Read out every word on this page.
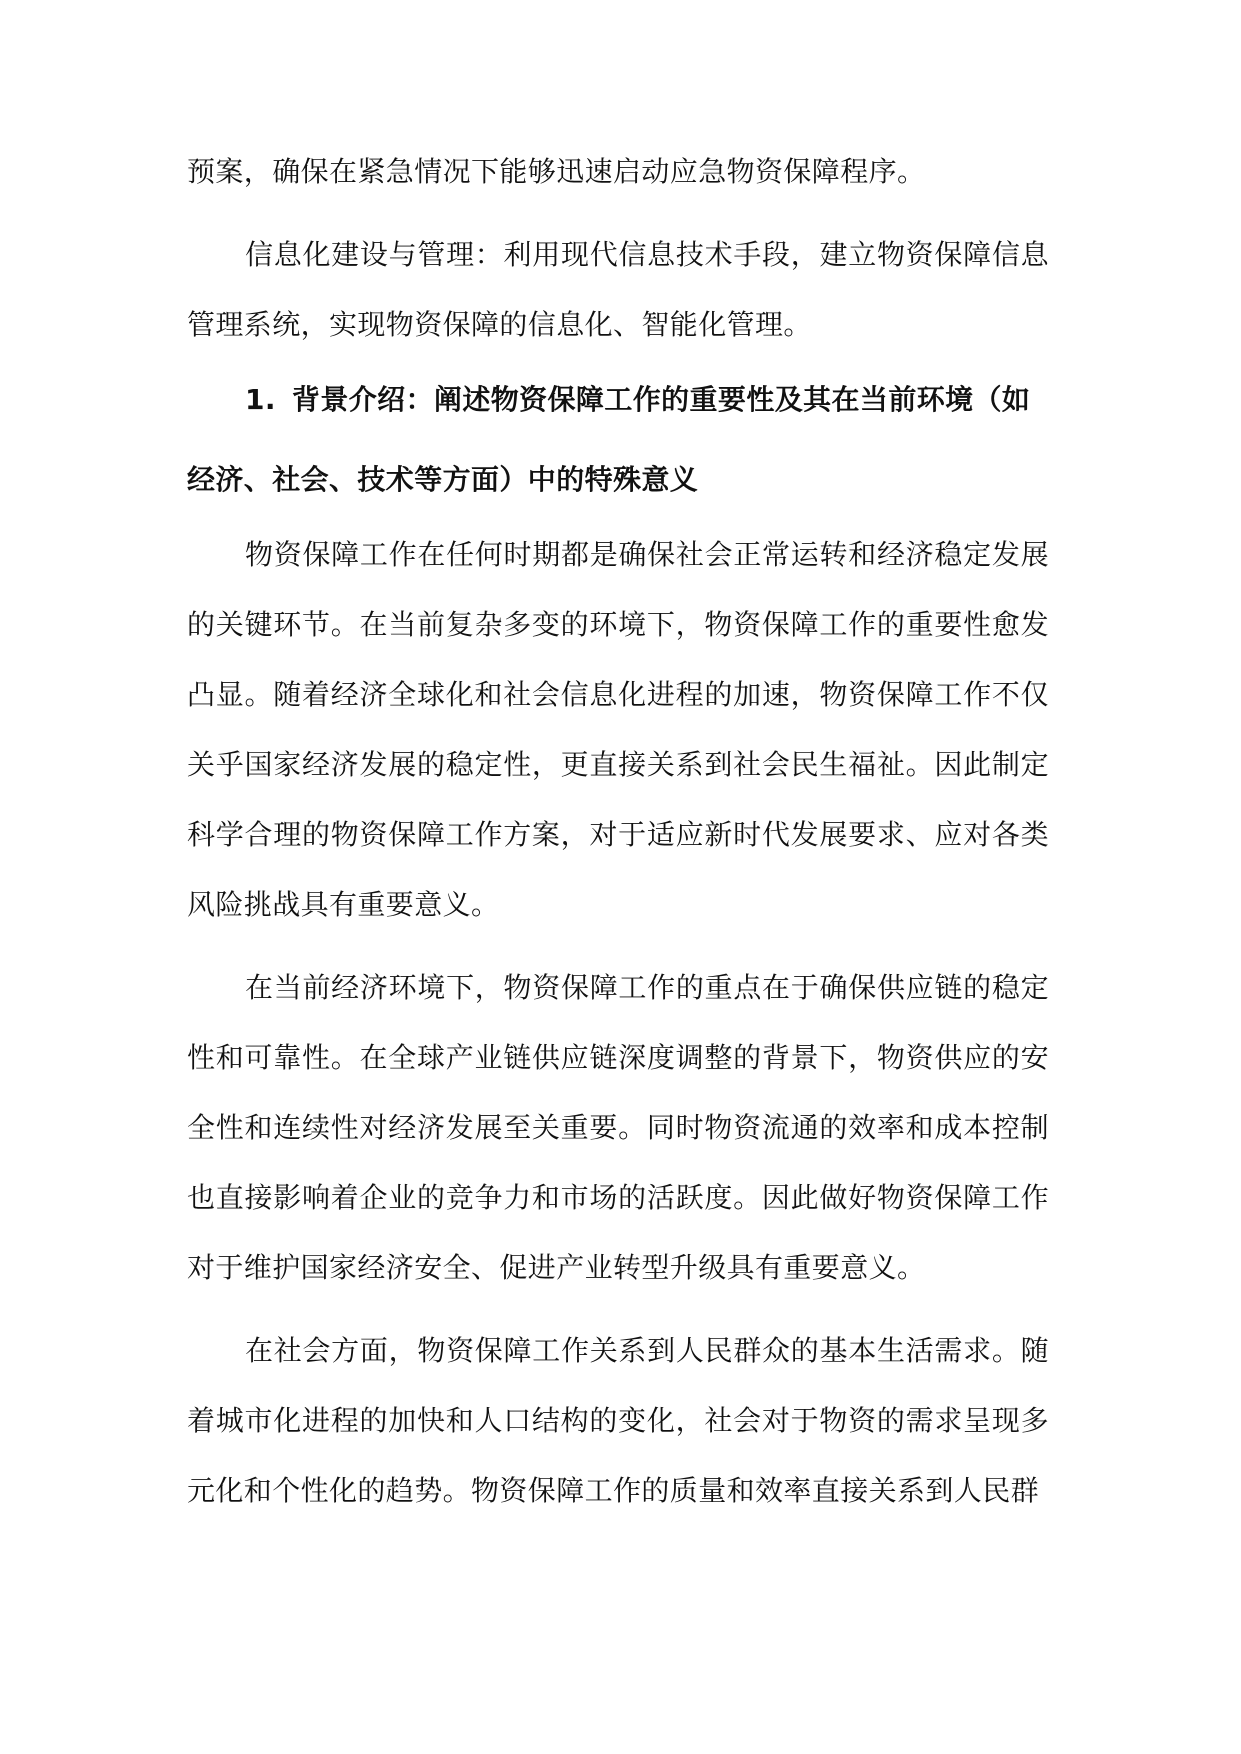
预案，确保在紧急情况下能够迅速启动应急物资保障程序。

信息化建设与管理：利用现代信息技术手段，建立物资保障信息管理系统，实现物资保障的信息化、智能化管理。

1. 背景介绍：阐述物资保障工作的重要性及其在当前环境（如经济、社会、技术等方面）中的特殊意义

物资保障工作在任何时期都是确保社会正常运转和经济稳定发展的关键环节。在当前复杂多变的环境下，物资保障工作的重要性愈发凸显。随着经济全球化和社会信息化进程的加速，物资保障工作不仅关乎国家经济发展的稳定性，更直接关系到社会民生福祉。因此制定科学合理的物资保障工作方案，对于适应新时代发展要求、应对各类风险挑战具有重要意义。

在当前经济环境下，物资保障工作的重点在于确保供应链的稳定性和可靠性。在全球产业链供应链深度调整的背景下，物资供应的安全性和连续性对经济发展至关重要。同时物资流通的效率和成本控制也直接影响着企业的竞争力和市场的活跃度。因此做好物资保障工作对于维护国家经济安全、促进产业转型升级具有重要意义。

在社会方面，物资保障工作关系到人民群众的基本生活需求。随着城市化进程的加快和人口结构的变化，社会对于物资的需求呈现多元化和个性化的趋势。物资保障工作的质量和效率直接关系到人民群
